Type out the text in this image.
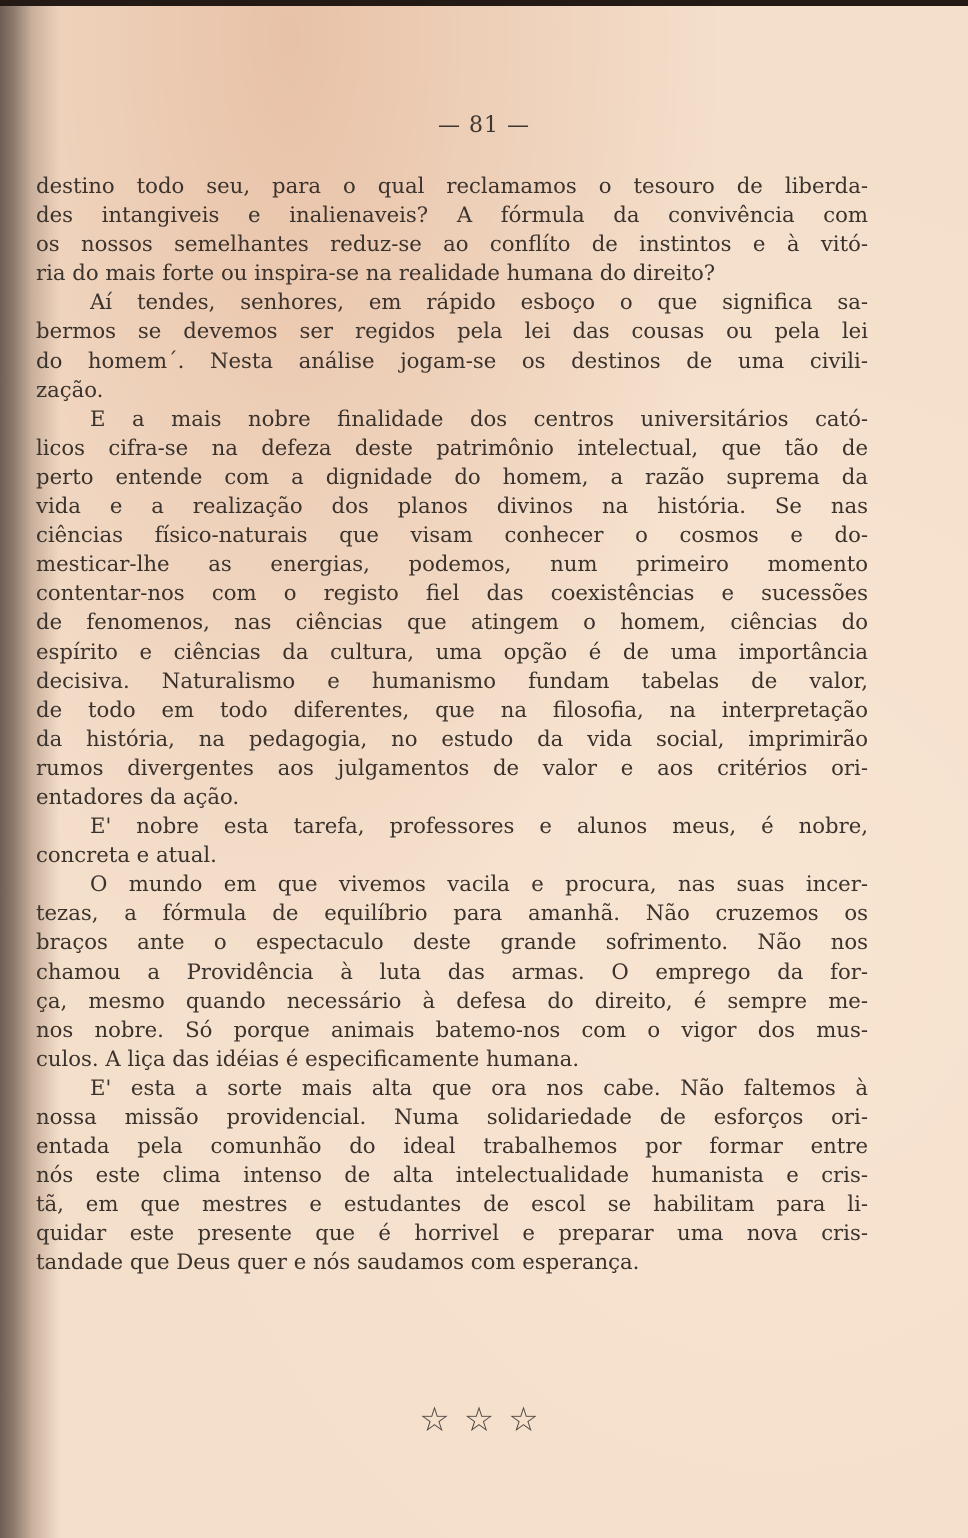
— 81 —
destino todo seu, para o qual reclamamos o tesouro de liberda-
des intangiveis e inalienaveis? A fórmula da convivência com
os nossos semelhantes reduz-se ao conflíto de instintos e à vitó-
ria do mais forte ou inspira-se na realidade humana do direito?
Aí tendes, senhores, em rápido esboço o que significa sa-
bermos se devemos ser regidos pela lei das cousas ou pela lei
do homem´. Nesta análise jogam-se os destinos de uma civili-
zação.
E a mais nobre finalidade dos centros universitários cató-
licos cifra-se na defeza deste patrimônio intelectual, que tão de
perto entende com a dignidade do homem, a razão suprema da
vida e a realização dos planos divinos na história. Se nas
ciências físico-naturais que visam conhecer o cosmos e do-
mesticar-lhe as energias, podemos, num primeiro momento
contentar-nos com o registo fiel das coexistências e sucessões
de fenomenos, nas ciências que atingem o homem, ciências do
espírito e ciências da cultura, uma opção é de uma importância
decisiva. Naturalismo e humanismo fundam tabelas de valor,
de todo em todo diferentes, que na filosofia, na interpretação
da história, na pedagogia, no estudo da vida social, imprimirão
rumos divergentes aos julgamentos de valor e aos critérios ori-
entadores da ação.
E' nobre esta tarefa, professores e alunos meus, é nobre,
concreta e atual.
O mundo em que vivemos vacila e procura, nas suas incer-
tezas, a fórmula de equilíbrio para amanhã. Não cruzemos os
braços ante o espectaculo deste grande sofrimento. Não nos
chamou a Providência à luta das armas. O emprego da for-
ça, mesmo quando necessário à defesa do direito, é sempre me-
nos nobre. Só porque animais batemo-nos com o vigor dos mus-
culos. A liça das idéias é especificamente humana.
E' esta a sorte mais alta que ora nos cabe. Não faltemos à
nossa missão providencial. Numa solidariedade de esforços ori-
entada pela comunhão do ideal trabalhemos por formar entre
nós este clima intenso de alta intelectualidade humanista e cris-
tã, em que mestres e estudantes de escol se habilitam para li-
quidar este presente que é horrivel e preparar uma nova cris-
tandade que Deus quer e nós saudamos com esperança.
☆ ☆ ☆
